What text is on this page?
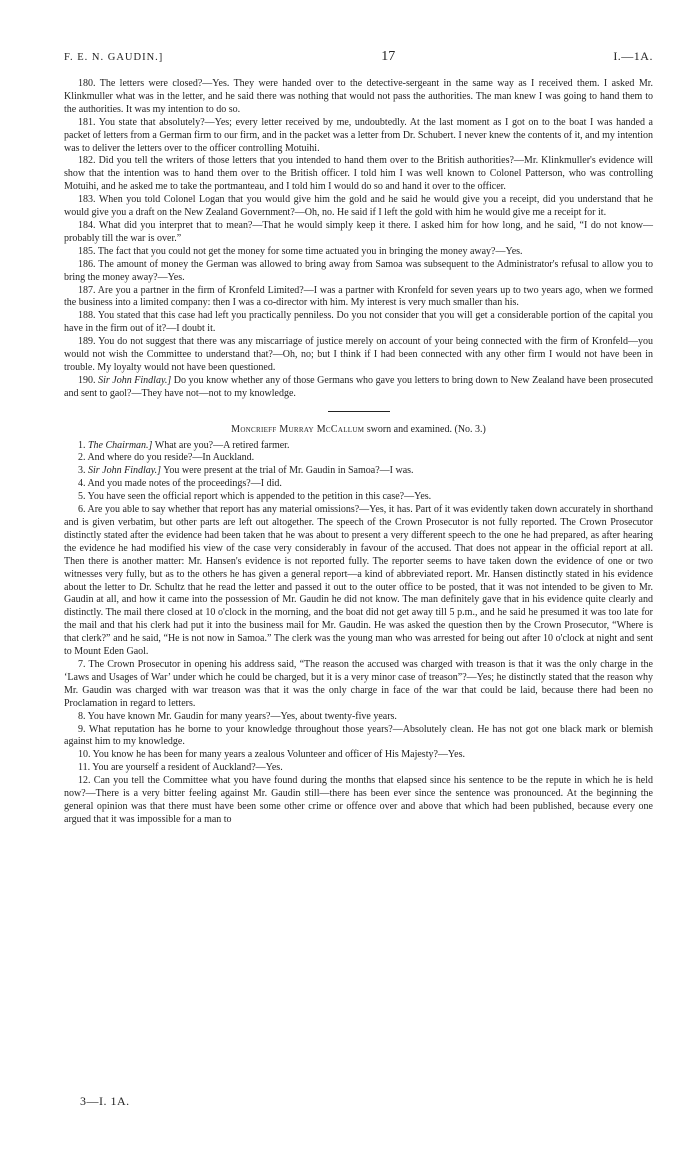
F. E. N. GAUDIN.]	17	I.—1A.

180. The letters were closed?—Yes. They were handed over to the detective-sergeant in the same way as I received them. I asked Mr. Klinkmuller what was in the letter, and he said there was nothing that would not pass the authorities. The man knew I was going to hand them to the authorities. It was my intention to do so.

181. You state that absolutely?—Yes; every letter received by me, undoubtedly. At the last moment as I got on to the boat I was handed a packet of letters from a German firm to our firm, and in the packet was a letter from Dr. Schubert. I never knew the contents of it, and my intention was to deliver the letters over to the officer controlling Motuihi.

182. Did you tell the writers of those letters that you intended to hand them over to the British authorities?—Mr. Klinkmuller's evidence will show that the intention was to hand them over to the British officer. I told him I was well known to Colonel Patterson, who was controlling Motuihi, and he asked me to take the portmanteau, and I told him I would do so and hand it over to the officer.

183. When you told Colonel Logan that you would give him the gold and he said he would give you a receipt, did you understand that he would give you a draft on the New Zealand Government?—Oh, no. He said if I left the gold with him he would give me a receipt for it.

184. What did you interpret that to mean?—That he would simply keep it there. I asked him for how long, and he said, “I do not know—probably till the war is over.”

185. The fact that you could not get the money for some time actuated you in bringing the money away?—Yes.

186. The amount of money the German was allowed to bring away from Samoa was subsequent to the Administrator's refusal to allow you to bring the money away?—Yes.

187. Are you a partner in the firm of Kronfeld Limited?—I was a partner with Kronfeld for seven years up to two years ago, when we formed the business into a limited company: then I was a co-director with him. My interest is very much smaller than his.

188. You stated that this case had left you practically penniless. Do you not consider that you will get a considerable portion of the capital you have in the firm out of it?—I doubt it.

189. You do not suggest that there was any miscarriage of justice merely on account of your being connected with the firm of Kronfeld—you would not wish the Committee to understand that?—Oh, no; but I think if I had been connected with any other firm I would not have been in trouble. My loyalty would not have been questioned.

190. Sir John Findlay.] Do you know whether any of those Germans who gave you letters to bring down to New Zealand have been prosecuted and sent to gaol?—They have not—not to my knowledge.

Moncrieff Murray McCallum sworn and examined. (No. 3.)

1. The Chairman.] What are you?—A retired farmer.

2. And where do you reside?—In Auckland.

3. Sir John Findlay.] You were present at the trial of Mr. Gaudin in Samoa?—I was.

4. And you made notes of the proceedings?—I did.

5. You have seen the official report which is appended to the petition in this case?—Yes.

6. Are you able to say whether that report has any material omissions?—Yes, it has. Part of it was evidently taken down accurately in shorthand and is given verbatim, but other parts are left out altogether. The speech of the Crown Prosecutor is not fully reported. The Crown Prosecutor distinctly stated after the evidence had been taken that he was about to present a very different speech to the one he had prepared, as after hearing the evidence he had modified his view of the case very considerably in favour of the accused. That does not appear in the official report at all. Then there is another matter: Mr. Hansen's evidence is not reported fully. The reporter seems to have taken down the evidence of one or two witnesses very fully, but as to the others he has given a general report—a kind of abbreviated report. Mr. Hansen distinctly stated in his evidence about the letter to Dr. Schultz that he read the letter and passed it out to the outer office to be posted, that it was not intended to be given to Mr. Gaudin at all, and how it came into the possession of Mr. Gaudin he did not know. The man definitely gave that in his evidence quite clearly and distinctly. The mail there closed at 10 o'clock in the morning, and the boat did not get away till 5 p.m., and he said he presumed it was too late for the mail and that his clerk had put it into the business mail for Mr. Gaudin. He was asked the question then by the Crown Prosecutor, “Where is that clerk?” and he said, “He is not now in Samoa.” The clerk was the young man who was arrested for being out after 10 o'clock at night and sent to Mount Eden Gaol.

7. The Crown Prosecutor in opening his address said, “The reason the accused was charged with treason is that it was the only charge in the ‘Laws and Usages of War’ under which he could be charged, but it is a very minor case of treason”?—Yes; he distinctly stated that the reason why Mr. Gaudin was charged with war treason was that it was the only charge in face of the war that could be laid, because there had been no Proclamation in regard to letters.

8. You have known Mr. Gaudin for many years?—Yes, about twenty-five years.

9. What reputation has he borne to your knowledge throughout those years?—Absolutely clean. He has not got one black mark or blemish against him to my knowledge.

10. You know he has been for many years a zealous Volunteer and officer of His Majesty?—Yes.

11. You are yourself a resident of Auckland?—Yes.

12. Can you tell the Committee what you have found during the months that elapsed since his sentence to be the repute in which he is held now?—There is a very bitter feeling against Mr. Gaudin still—there has been ever since the sentence was pronounced. At the beginning the general opinion was that there must have been some other crime or offence over and above that which had been published, because every one argued that it was impossible for a man to

3—I. 1A.
